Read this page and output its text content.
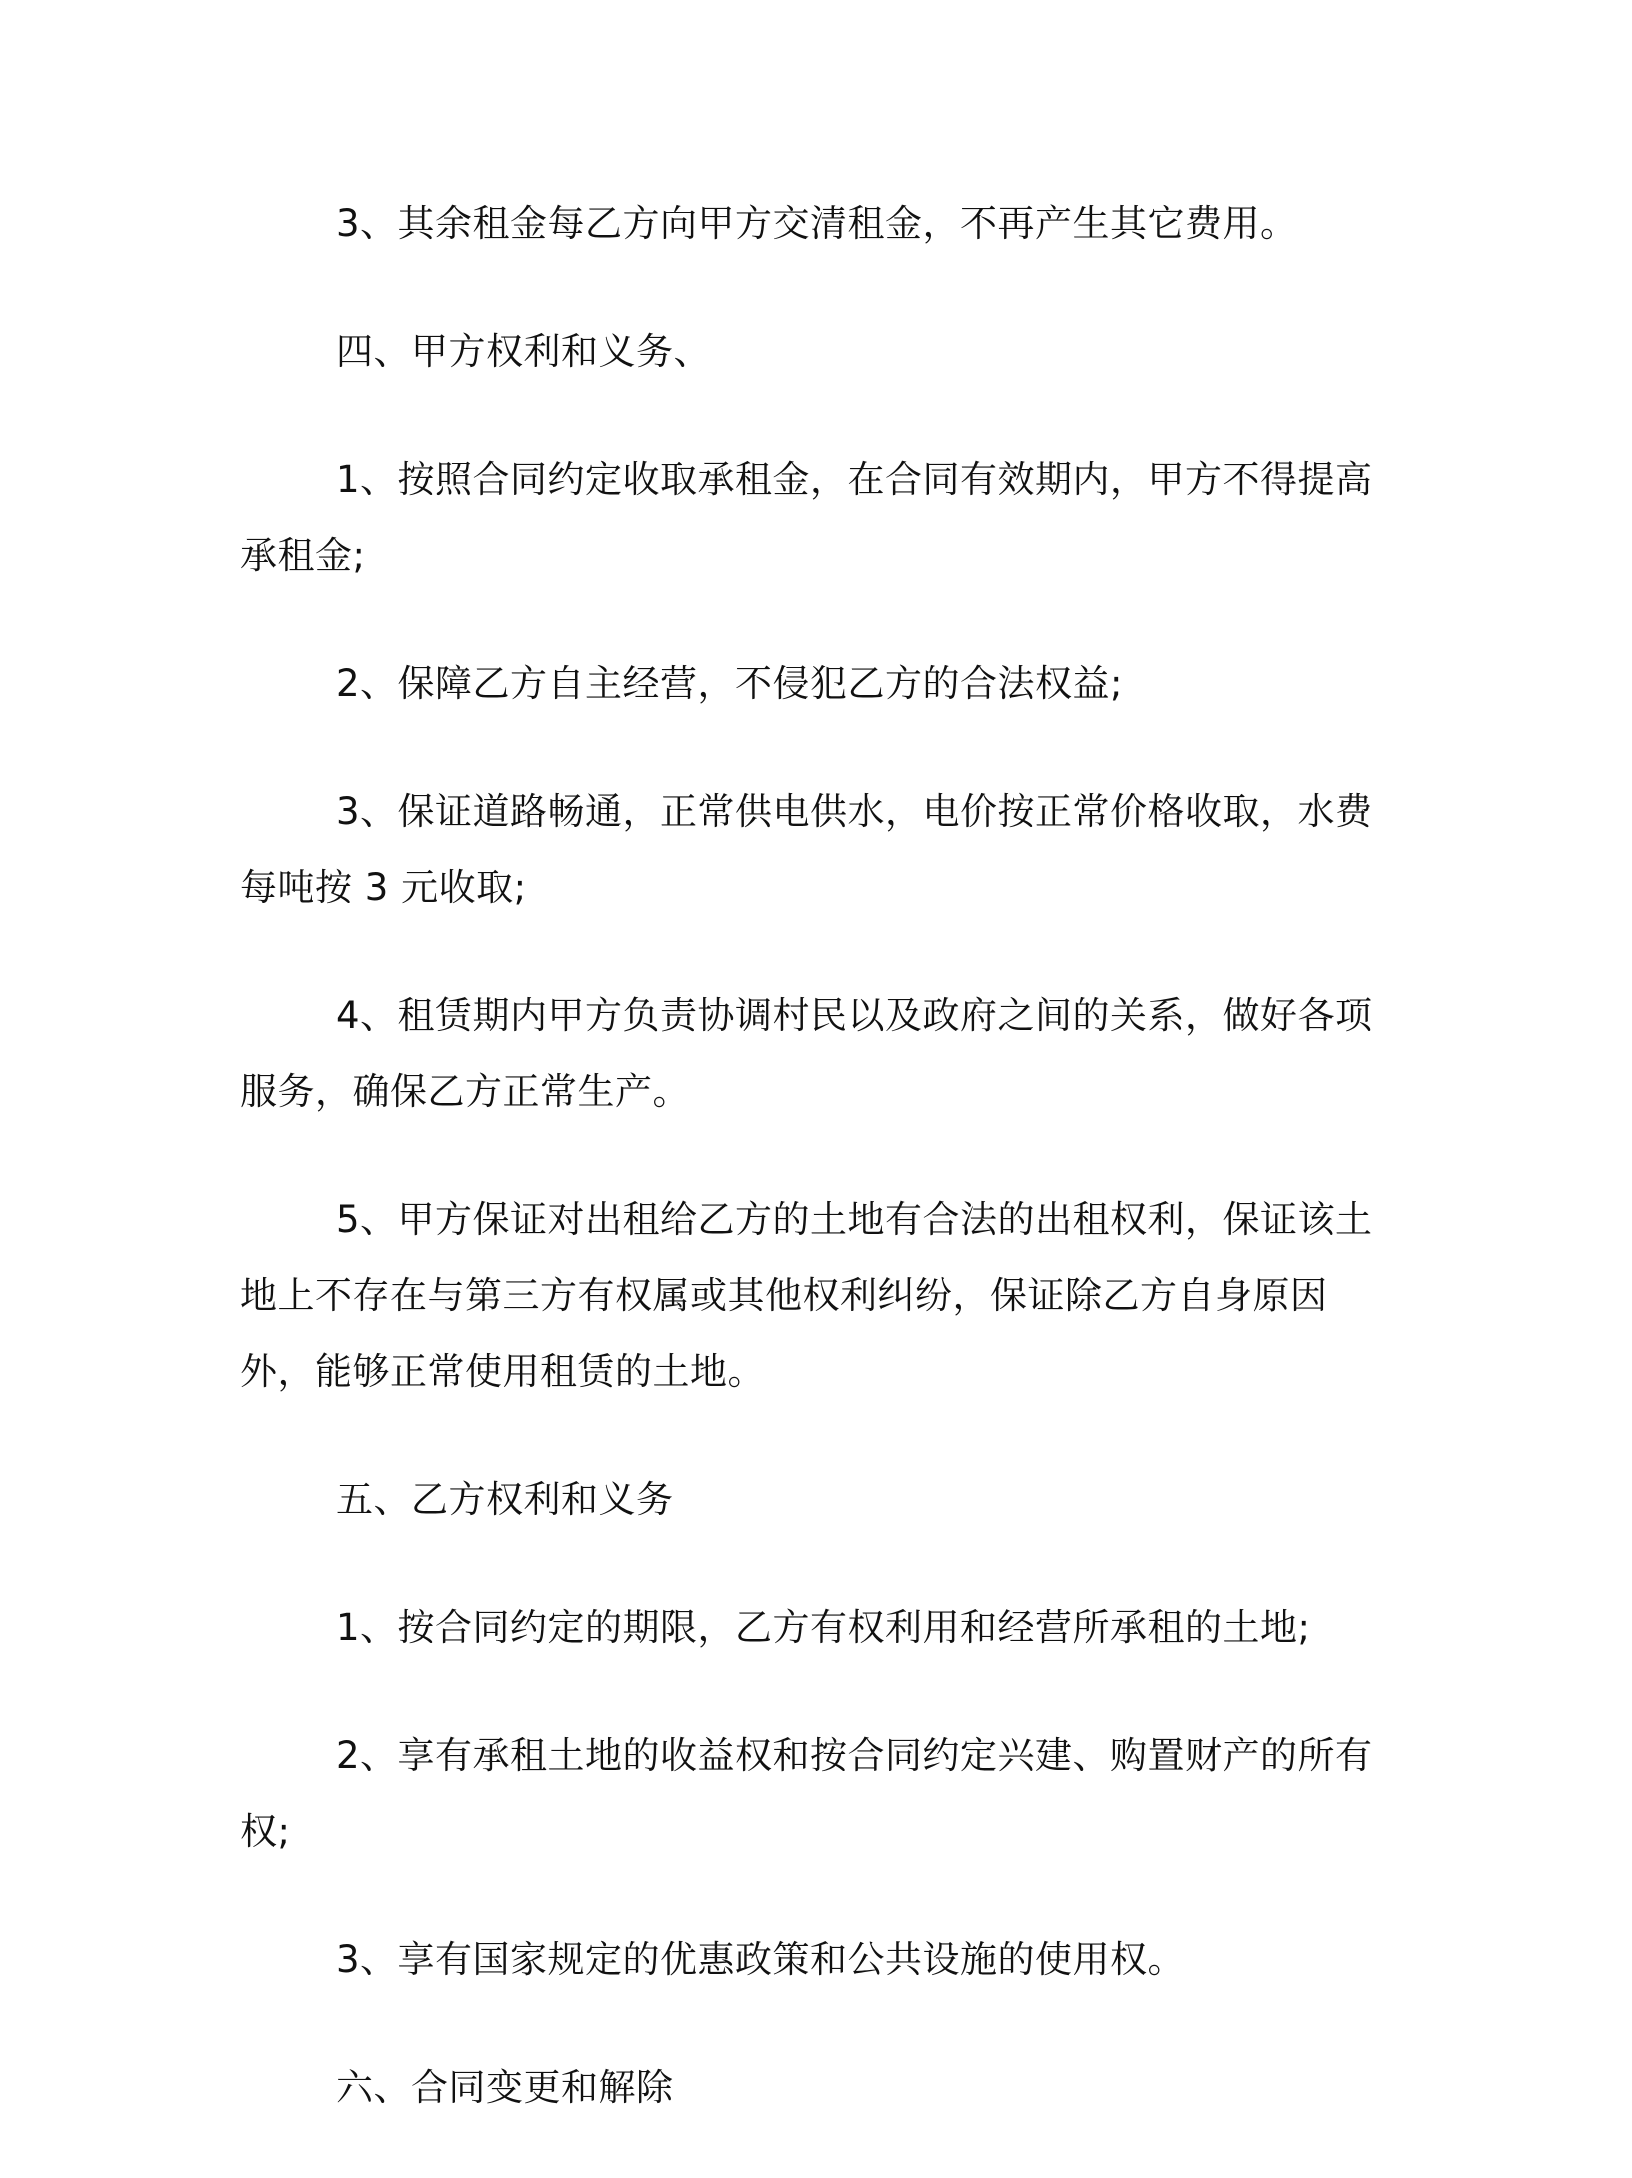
3、其余租金每乙方向甲方交清租金，不再产生其它费用。

四、甲方权利和义务、

1、按照合同约定收取承租金，在合同有效期内，甲方不得提高承租金;

2、保障乙方自主经营，不侵犯乙方的合法权益;

3、保证道路畅通，正常供电供水，电价按正常价格收取，水费每吨按 3 元收取;

4、租赁期内甲方负责协调村民以及政府之间的关系，做好各项服务，确保乙方正常生产。

5、甲方保证对出租给乙方的土地有合法的出租权利，保证该土地上不存在与第三方有权属或其他权利纠纷，保证除乙方自身原因外，能够正常使用租赁的土地。

五、乙方权利和义务

1、按合同约定的期限，乙方有权利用和经营所承租的土地;

2、享有承租土地的收益权和按合同约定兴建、购置财产的所有权;

3、享有国家规定的优惠政策和公共设施的使用权。

六、合同变更和解除
